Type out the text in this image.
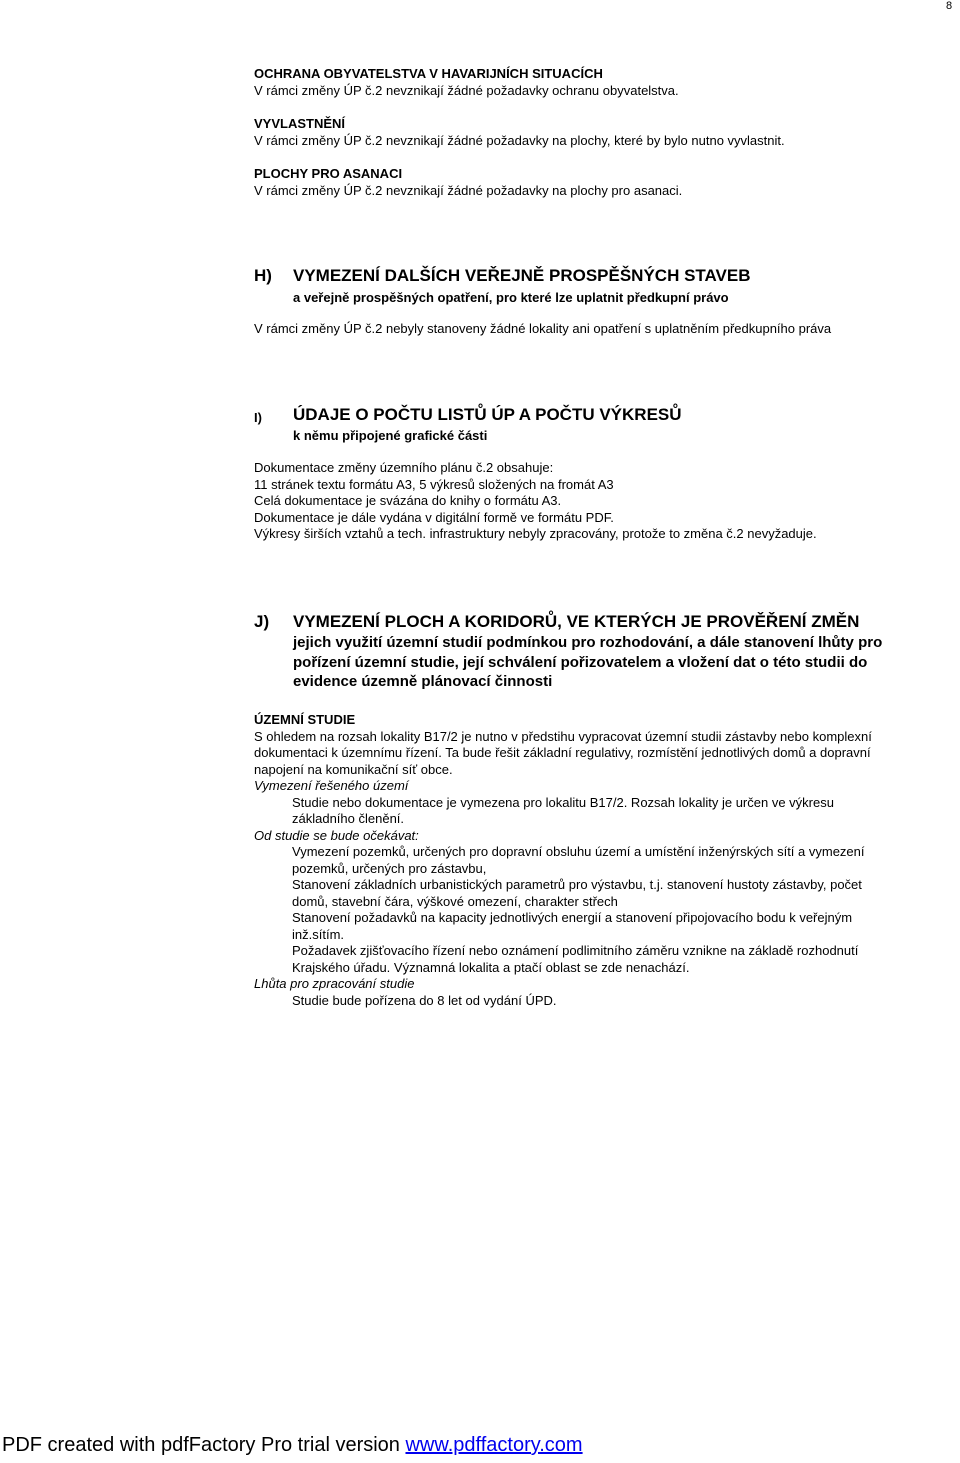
8
OCHRANA OBYVATELSTVA V HAVARIJNÍCH SITUACÍCH
V rámci změny ÚP č.2 nevznikají žádné požadavky ochranu obyvatelstva.
VYVLASTNĚNÍ
V rámci změny ÚP č.2 nevznikají žádné požadavky na plochy, které by bylo nutno vyvlastnit.
PLOCHY PRO ASANACI
V rámci změny ÚP č.2 nevznikají žádné požadavky na plochy pro asanaci.
H) VYMEZENÍ DALŠÍCH VEŘEJNĚ PROSPĚŠNÝCH STAVEB
a veřejně prospěšných opatření, pro které lze uplatnit předkupní právo
V rámci změny ÚP č.2 nebyly stanoveny žádné lokality ani opatření s uplatněním předkupního práva
I) ÚDAJE O POČTU LISTŮ ÚP A POČTU VÝKRESŮ
k němu připojené grafické části
Dokumentace změny územního plánu č.2 obsahuje:
11 stránek textu formátu A3, 5 výkresů složených na fromát A3
Celá dokumentace je svázána do knihy o formátu A3.
Dokumentace je dále vydána v digitální formě ve formátu PDF.
Výkresy širších vztahů a tech. infrastruktury nebyly zpracovány, protože to změna č.2 nevyžaduje.
J) VYMEZENÍ PLOCH A KORIDORŮ, VE KTERÝCH JE PROVĚŘENÍ ZMĚN
jejich využití územní studií podmínkou pro rozhodování, a dále stanovení lhůty pro
pořízení územní studie, její schválení pořizovatelem a vložení dat o této studii do
evidence územně plánovací činnosti
ÚZEMNÍ STUDIE
S ohledem na rozsah lokality B17/2 je nutno v předstihu vypracovat územní studii zástavby nebo komplexní
dokumentaci k územnímu řízení. Ta bude řešit základní regulativy, rozmístění jednotlivých domů a dopravní
napojení na komunikační síť obce.
Vymezení řešeného území
Studie nebo dokumentace je vymezena pro lokalitu B17/2. Rozsah lokality je určen ve výkresu
základního členění.
Od studie se bude očekávat:
Vymezení pozemků, určených pro dopravní obsluhu území a umístění inženýrských sítí a vymezení
pozemků, určených pro zástavbu,
Stanovení základních urbanistických parametrů pro výstavbu, t.j. stanovení hustoty zástavby, počet
domů, stavební čára, výškové omezení, charakter střech
Stanovení požadavků na kapacity jednotlivých energií a stanovení připojovacího bodu k veřejným
inž.sítím.
Požadavek zjišťovacího řízení nebo oznámení podlimitního záměru vznikne na základě rozhodnutí
Krajského úřadu. Významná lokalita a ptačí oblast se zde nenachází.
Lhůta pro zpracování studie
Studie bude pořízena do 8 let od vydání ÚPD.
PDF created with pdfFactory Pro trial version www.pdffactory.com
